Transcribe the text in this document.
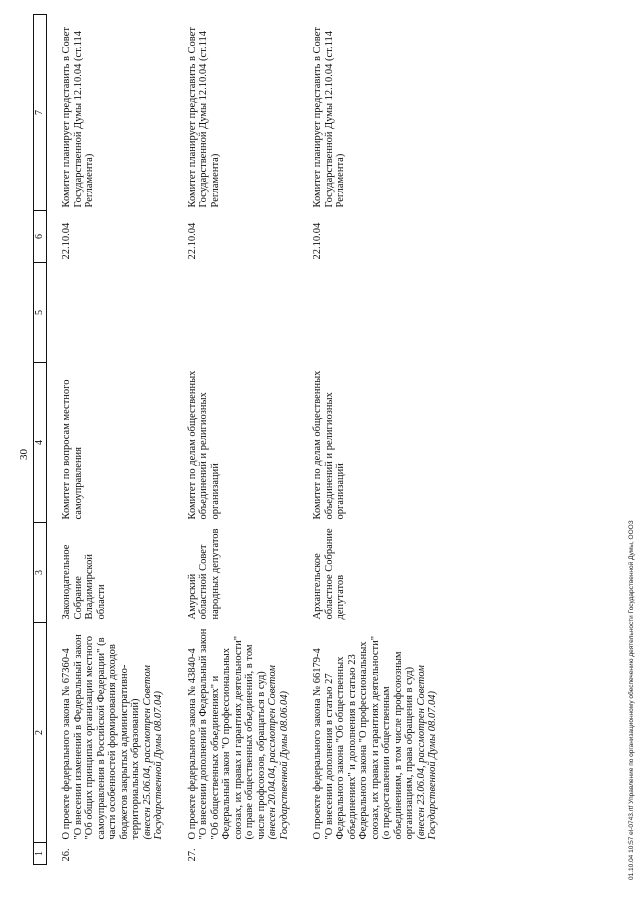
30
1	2	3	4	5	6	7

26.	О проекте федерального закона № 67360-4 "О внесении изменений в Федеральный закон "Об общих принципах организации местного самоуправления в Российской Федерации" (в части особенностей формирования доходов бюджетов закрытых административно-территориальных образований) (внесен 25.06.04, рассмотрен Советом Государственной Думы 08.07.04)	Законодательное Собрание Владимирской области	Комитет по вопросам местного самоуправления		22.10.04	Комитет планирует представить в Совет Государственной Думы 12.10.04 (ст.114 Регламента)

27.	О проекте федерального закона № 43840-4 "О внесении дополнений в Федеральный закон "Об общественных объединениях" и Федеральный закон "О профессиональных союзах, их правах и гарантиях деятельности" (о праве общественных объединений, в том числе профсоюзов, обращаться в суд) (внесен 20.04.04, рассмотрен Советом Государственной Думы 08.06.04)	Амурский областной Совет народных депутатов	Комитет по делам общественных объединений и религиозных организаций		22.10.04	Комитет планирует представить в Совет Государственной Думы 12.10.04 (ст.114 Регламента)

	О проекте федерального закона № 66179-4 "О внесении дополнения в статью 27 Федерального закона "Об общественных объединениях" и дополнения в статью 23 Федерального закона "О профессиональных союзах, их правах и гарантиях деятельности" (о предоставлении общественным объединениям, в том числе профсоюзным организациям, права обращения в суд) (внесен 23.06.04, рассмотрен Советом Государственной Думы 08.07.04)	Архангельское областное Собрание депутатов	Комитет по делам общественных объединений и религиозных организаций		22.10.04	Комитет планирует представить в Совет Государственной Думы 12.10.04 (ст.114 Регламента)
01.10.04 10:57 el-0743.rtf Управление по организационному обеспечению деятельности Государственной Думы, ОООЗ
